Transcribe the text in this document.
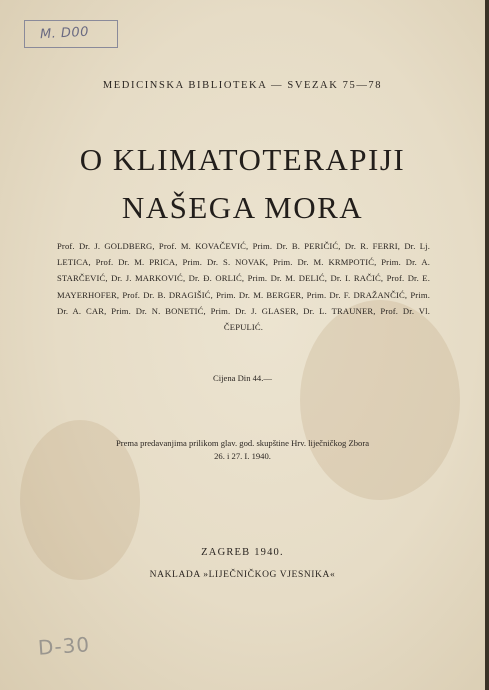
M. D00
MEDICINSKA BIBLIOTEKA — SVEZAK 75—78
O KLIMATOTERAPIJI
NAŠEGA MORA
Prof. Dr. J. GOLDBERG, Prof. M. KOVAČEVIĆ, Prim. Dr. B. PERIČIĆ, Dr. R. FERRI, Dr. Lj. LETICA, Prof. Dr. M. PRICA, Prim. Dr. S. NOVAK, Prim. Dr. M. KRMPOTIĆ, Prim. Dr. A. STARČEVIĆ, Dr. J. MARKOVIĆ, Dr. Đ. ORLIĆ, Prim. Dr. M. DELIĆ, Dr. I. RAČIĆ, Prof. Dr. E. MAYERHOFER, Prof. Dr. B. DRAGIŠIĆ, Prim. Dr. M. BERGER, Prim. Dr. F. DRAŽANČIĆ, Prim. Dr. A. CAR, Prim. Dr. N. BONETIĆ, Prim. Dr. J. GLASER, Dr. L. TRAUNER, Prof. Dr. Vl. ČEPULIĆ.
Cijena Din 44.—
Prema predavanjima prilikom glav. god. skupštine Hrv. liječničkog Zbora
26. i 27. I. 1940.
ZAGREB 1940.
NAKLADA »LIJEČNIČKOG VJESNIKA«
D-30
